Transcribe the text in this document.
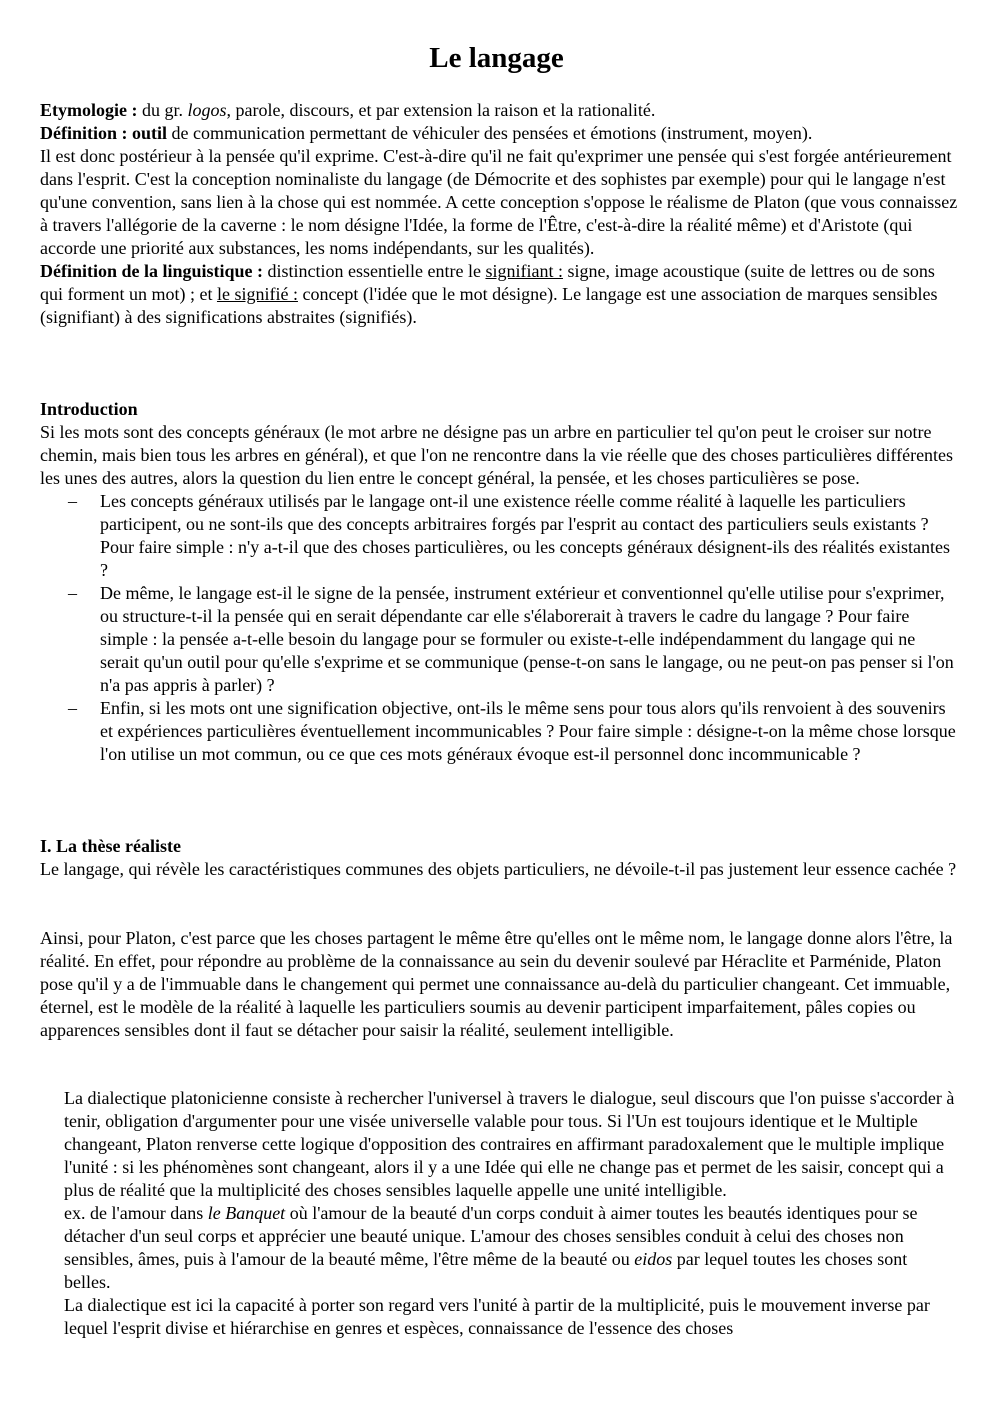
Le langage

Etymologie : du gr. logos, parole, discours, et par extension la raison et la rationalité.

Définition : outil de communication permettant de véhiculer des pensées et émotions (instrument, moyen).

Il est donc postérieur à la pensée qu'il exprime. C'est-à-dire qu'il ne fait qu'exprimer une pensée qui s'est forgée antérieurement dans l'esprit. C'est la conception nominaliste du langage (de Démocrite et des sophistes par exemple) pour qui le langage n'est qu'une convention, sans lien à la chose qui est nommée. A cette conception s'oppose le réalisme de Platon (que vous connaissez à travers l'allégorie de la caverne : le nom désigne l'Idée, la forme de l'Être, c'est-à-dire la réalité même) et d'Aristote (qui accorde une priorité aux substances, les noms indépendants, sur les qualités).

Définition de la linguistique : distinction essentielle entre le signifiant : signe, image acoustique (suite de lettres ou de sons qui forment un mot) ; et le signifié : concept (l'idée que le mot désigne). Le langage est une association de marques sensibles (signifiant) à des significations abstraites (signifiés).

Introduction

Si les mots sont des concepts généraux (le mot arbre ne désigne pas un arbre en particulier tel qu'on peut le croiser sur notre chemin, mais bien tous les arbres en général), et que l'on ne rencontre dans la vie réelle que des choses particulières différentes les unes des autres, alors la question du lien entre le concept général, la pensée, et les choses particulières se pose.

– Les concepts généraux utilisés par le langage ont-il une existence réelle comme réalité à laquelle les particuliers participent, ou ne sont-ils que des concepts arbitraires forgés par l'esprit au contact des particuliers seuls existants ? Pour faire simple : n'y a-t-il que des choses particulières, ou les concepts généraux désignent-ils des réalités existantes ?
– De même, le langage est-il le signe de la pensée, instrument extérieur et conventionnel qu'elle utilise pour s'exprimer, ou structure-t-il la pensée qui en serait dépendante car elle s'élaborerait à travers le cadre du langage ? Pour faire simple : la pensée a-t-elle besoin du langage pour se formuler ou existe-t-elle indépendamment du langage qui ne serait qu'un outil pour qu'elle s'exprime et se communique (pense-t-on sans le langage, ou ne peut-on pas penser si l'on n'a pas appris à parler) ?
– Enfin, si les mots ont une signification objective, ont-ils le même sens pour tous alors qu'ils renvoient à des souvenirs et expériences particulières éventuellement incommunicables ? Pour faire simple : désigne-t-on la même chose lorsque l'on utilise un mot commun, ou ce que ces mots généraux évoque est-il personnel donc incommunicable ?

I. La thèse réaliste

Le langage, qui révèle les caractéristiques communes des objets particuliers, ne dévoile-t-il pas justement leur essence cachée ?

Ainsi, pour Platon, c'est parce que les choses partagent le même être qu'elles ont le même nom, le langage donne alors l'être, la réalité. En effet, pour répondre au problème de la connaissance au sein du devenir soulevé par Héraclite et Parménide, Platon pose qu'il y a de l'immuable dans le changement qui permet une connaissance au-delà du particulier changeant. Cet immuable, éternel, est le modèle de la réalité à laquelle les particuliers soumis au devenir participent imparfaitement, pâles copies ou apparences sensibles dont il faut se détacher pour saisir la réalité, seulement intelligible.

La dialectique platonicienne consiste à rechercher l'universel à travers le dialogue, seul discours que l'on puisse s'accorder à tenir, obligation d'argumenter pour une visée universelle valable pour tous. Si l'Un est toujours identique et le Multiple changeant, Platon renverse cette logique d'opposition des contraires en affirmant paradoxalement que le multiple implique l'unité : si les phénomènes sont changeant, alors il y a une Idée qui elle ne change pas et permet de les saisir, concept qui a plus de réalité que la multiplicité des choses sensibles laquelle appelle une unité intelligible.

ex. de l'amour dans le Banquet où l'amour de la beauté d'un corps conduit à aimer toutes les beautés identiques pour se détacher d'un seul corps et apprécier une beauté unique. L'amour des choses sensibles conduit à celui des choses non sensibles, âmes, puis à l'amour de la beauté même, l'être même de la beauté ou eidos par lequel toutes les choses sont belles.

La dialectique est ici la capacité à porter son regard vers l'unité à partir de la multiplicité, puis le mouvement inverse par lequel l'esprit divise et hiérarchise en genres et espèces, connaissance de l'essence des choses
